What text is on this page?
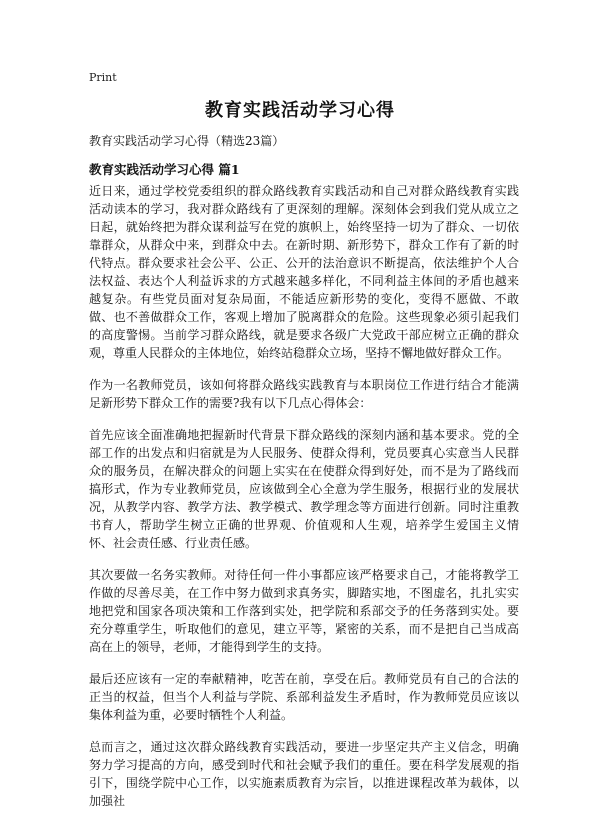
Print
教育实践活动学习心得
教育实践活动学习心得（精选23篇）
教育实践活动学习心得 篇1

近日来，通过学校党委组织的群众路线教育实践活动和自己对群众路线教育实践活动读本的学习，我对群众路线有了更深刻的理解。深刻体会到我们党从成立之日起，就始终把为群众谋利益写在党的旗帜上，始终坚持一切为了群众、一切依靠群众，从群众中来，到群众中去。在新时期、新形势下，群众工作有了新的时代特点。群众要求社会公平、公正、公开的法治意识不断提高，依法维护个人合法权益、表达个人利益诉求的方式越来越多样化，不同利益主体间的矛盾也越来越复杂。有些党员面对复杂局面，不能适应新形势的变化，变得不愿做、不敢做、也不善做群众工作，客观上增加了脱离群众的危险。这些现象必须引起我们的高度警惕。当前学习群众路线，就是要求各级广大党政干部应树立正确的群众观，尊重人民群众的主体地位，始终站稳群众立场，坚持不懈地做好群众工作。

作为一名教师党员，该如何将群众路线实践教育与本职岗位工作进行结合才能满足新形势下群众工作的需要?我有以下几点心得体会：

首先应该全面准确地把握新时代背景下群众路线的深刻内涵和基本要求。党的全部工作的出发点和归宿就是为人民服务、使群众得利，党员要真心实意当人民群众的服务员，在解决群众的问题上实实在在使群众得到好处，而不是为了路线而搞形式，作为专业教师党员，应该做到全心全意为学生服务，根据行业的发展状况，从教学内容、教学方法、教学模式、教学理念等方面进行创新。同时注重教书育人，帮助学生树立正确的世界观、价值观和人生观，培养学生爱国主义情怀、社会责任感、行业责任感。

其次要做一名务实教师。对待任何一件小事都应该严格要求自己，才能将教学工作做的尽善尽美，在工作中努力做到求真务实，脚踏实地，不图虚名，扎扎实实地把党和国家各项决策和工作落到实处，把学院和系部交予的任务落到实处。要充分尊重学生，听取他们的意见，建立平等，紧密的关系，而不是把自己当成高高在上的领导，老师，才能得到学生的支持。

最后还应该有一定的奉献精神，吃苦在前，享受在后。教师党员有自己的合法的正当的权益，但当个人利益与学院、系部利益发生矛盾时，作为教师党员应该以集体利益为重，必要时牺牲个人利益。

总而言之，通过这次群众路线教育实践活动，要进一步坚定共产主义信念，明确努力学习提高的方向，感受到时代和社会赋予我们的重任。要在科学发展观的指引下，围绕学院中心工作，以实施素质教育为宗旨，以推进课程改革为载体，以加强社
